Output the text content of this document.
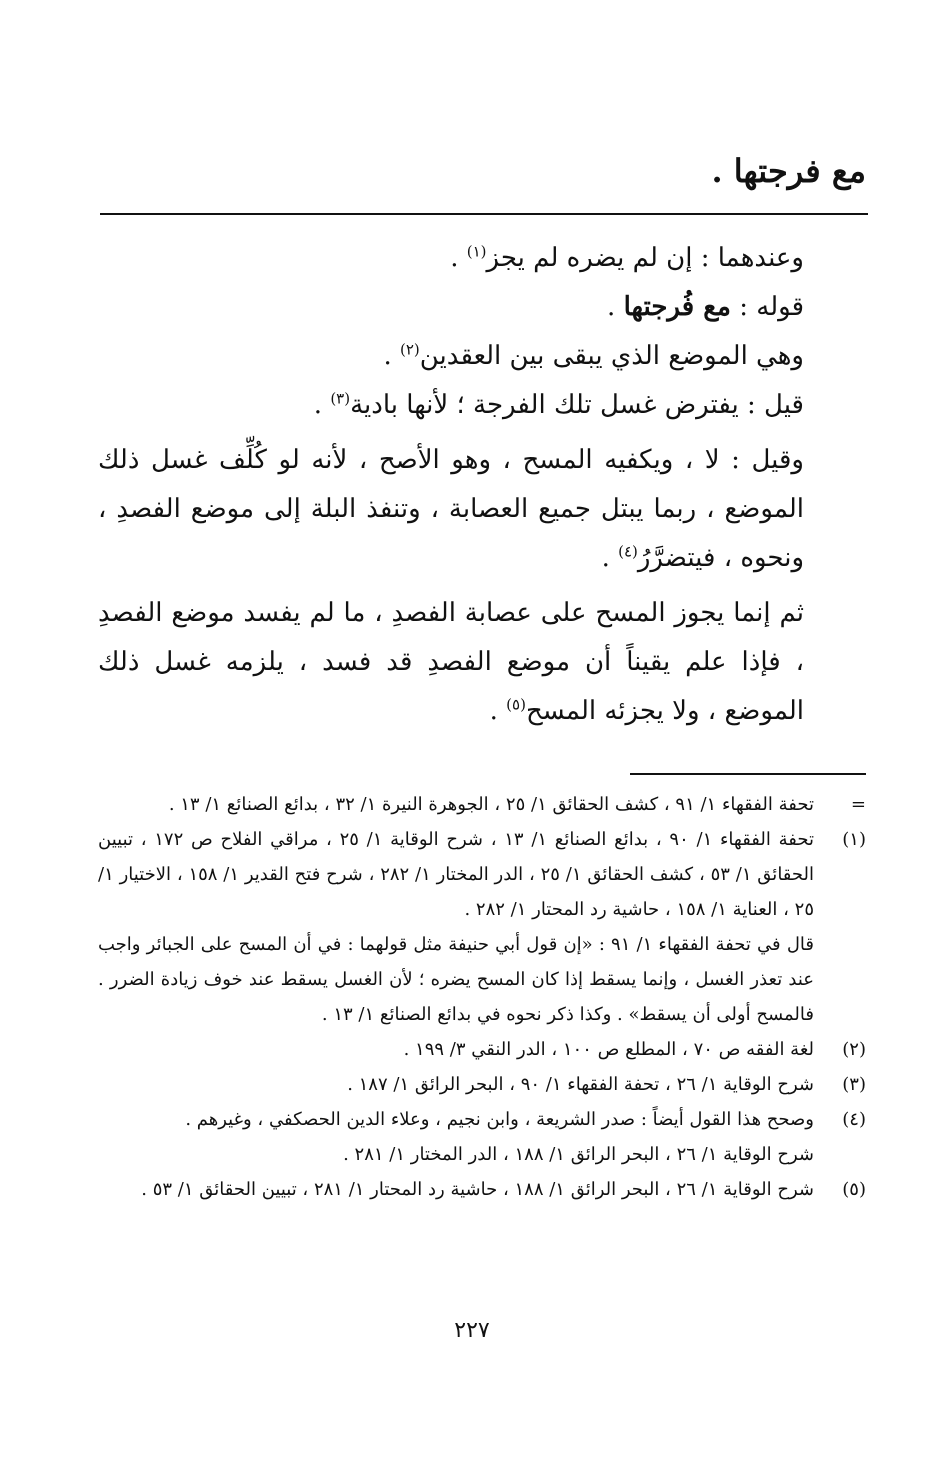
مع فرجتها .

وعندهما : إن لم يضره لم يجز$^{(١)}$ .

قوله : مع فُرجتها .

وهي الموضع الذي يبقى بين العقدين$^{(٢)}$ .

قيل : يفترض غسل تلك الفرجة ؛ لأنها بادية$^{(٣)}$ .

وقيل : لا ، ويكفيه المسح ، وهو الأصح ، لأنه لو كُلِّف غسل ذلك الموضع ، ربما يبتل جميع العصابة ، وتنفذ البلة إلى موضع الفصدِ ، ونحوه ، فيتضرَّرُ$^{(٤)}$ .

ثم إنما يجوز المسح على عصابة الفصدِ ، ما لم يفسد موضع الفصدِ ، فإذا علم يقيناً أن موضع الفصدِ قد فسد ، يلزمه غسل ذلك الموضع ، ولا يجزئه المسح$^{(٥)}$ .

=

تحفة الفقهاء ١/ ٩١ ، كشف الحقائق ١/ ٢٥ ، الجوهرة النيرة ١/ ٣٢ ، بدائع الصنائع ١/ ١٣ .

(١)

تحفة الفقهاء ١/ ٩٠ ، بدائع الصنائع ١/ ١٣ ، شرح الوقاية ١/ ٢٥ ، مراقي الفلاح ص ١٧٢ ، تبيين الحقائق ١/ ٥٣ ، كشف الحقائق ١/ ٢٥ ، الدر المختار ١/ ٢٨٢ ، شرح فتح القدير ١/ ١٥٨ ، الاختيار ١/ ٢٥ ، العناية ١/ ١٥٨ ، حاشية رد المحتار ١/ ٢٨٢ .

قال في تحفة الفقهاء ١/ ٩١ : «إن قول أبي حنيفة مثل قولهما : في أن المسح على الجبائر واجب عند تعذر الغسل ، وإنما يسقط إذا كان المسح يضره ؛ لأن الغسل يسقط عند خوف زيادة الضرر . فالمسح أولى أن يسقط» . وكذا ذكر نحوه في بدائع الصنائع ١/ ١٣ .

(٢)

لغة الفقه ص ٧٠ ، المطلع ص ١٠٠ ، الدر النقي ٣/ ١٩٩ .

(٣)

شرح الوقاية ١/ ٢٦ ، تحفة الفقهاء ١/ ٩٠ ، البحر الرائق ١/ ١٨٧ .

(٤)

وصحح هذا القول أيضاً : صدر الشريعة ، وابن نجيم ، وعلاء الدين الحصكفي ، وغيرهم .

شرح الوقاية ١/ ٢٦ ، البحر الرائق ١/ ١٨٨ ، الدر المختار ١/ ٢٨١ .

(٥)

شرح الوقاية ١/ ٢٦ ، البحر الرائق ١/ ١٨٨ ، حاشية رد المحتار ١/ ٢٨١ ، تبيين الحقائق ١/ ٥٣ .

٢٢٧
